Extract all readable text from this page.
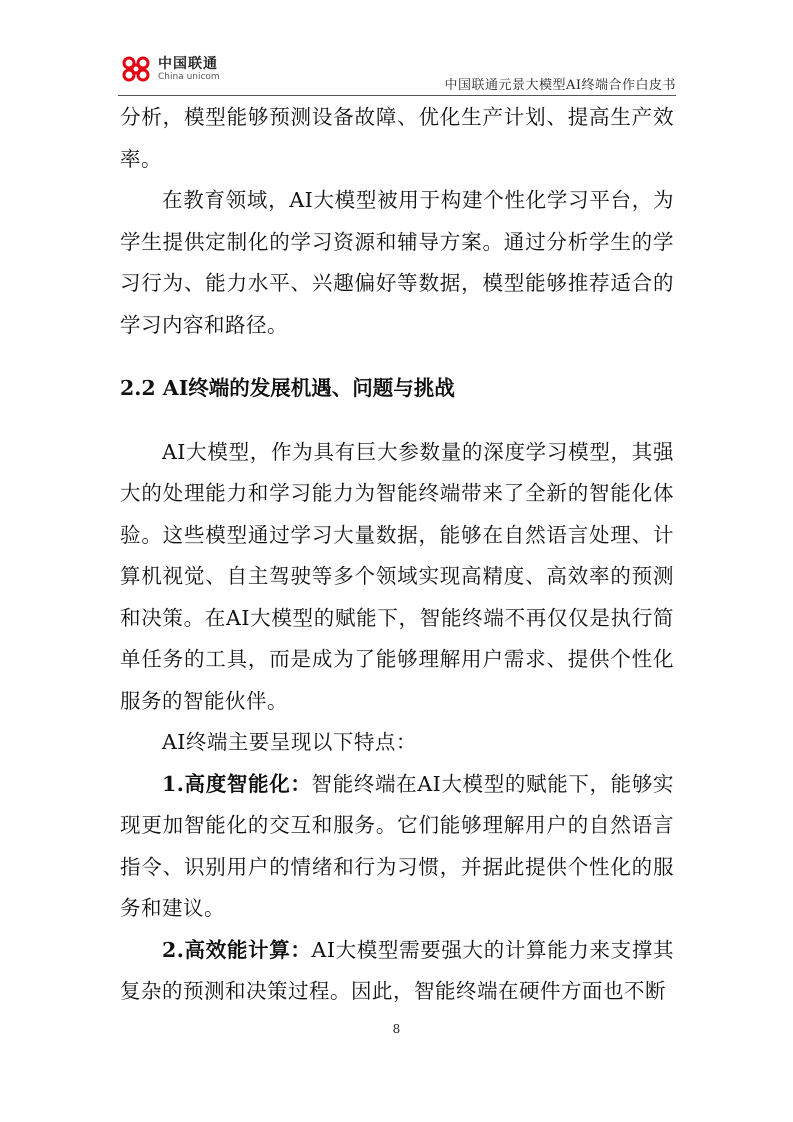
中国联通
China unicom
中国联通元景大模型AI终端合作白皮书

分析，模型能够预测设备故障、优化生产计划、提高生产效率。

在教育领域，AI大模型被用于构建个性化学习平台，为学生提供定制化的学习资源和辅导方案。通过分析学生的学习行为、能力水平、兴趣偏好等数据，模型能够推荐适合的学习内容和路径。

2.2 AI终端的发展机遇、问题与挑战

AI大模型，作为具有巨大参数量的深度学习模型，其强大的处理能力和学习能力为智能终端带来了全新的智能化体验。这些模型通过学习大量数据，能够在自然语言处理、计算机视觉、自主驾驶等多个领域实现高精度、高效率的预测和决策。在AI大模型的赋能下，智能终端不再仅仅是执行简单任务的工具，而是成为了能够理解用户需求、提供个性化服务的智能伙伴。

AI终端主要呈现以下特点：

1.高度智能化：智能终端在AI大模型的赋能下，能够实现更加智能化的交互和服务。它们能够理解用户的自然语言指令、识别用户的情绪和行为习惯，并据此提供个性化的服务和建议。

2.高效能计算：AI大模型需要强大的计算能力来支撑其复杂的预测和决策过程。因此，智能终端在硬件方面也不断

8
